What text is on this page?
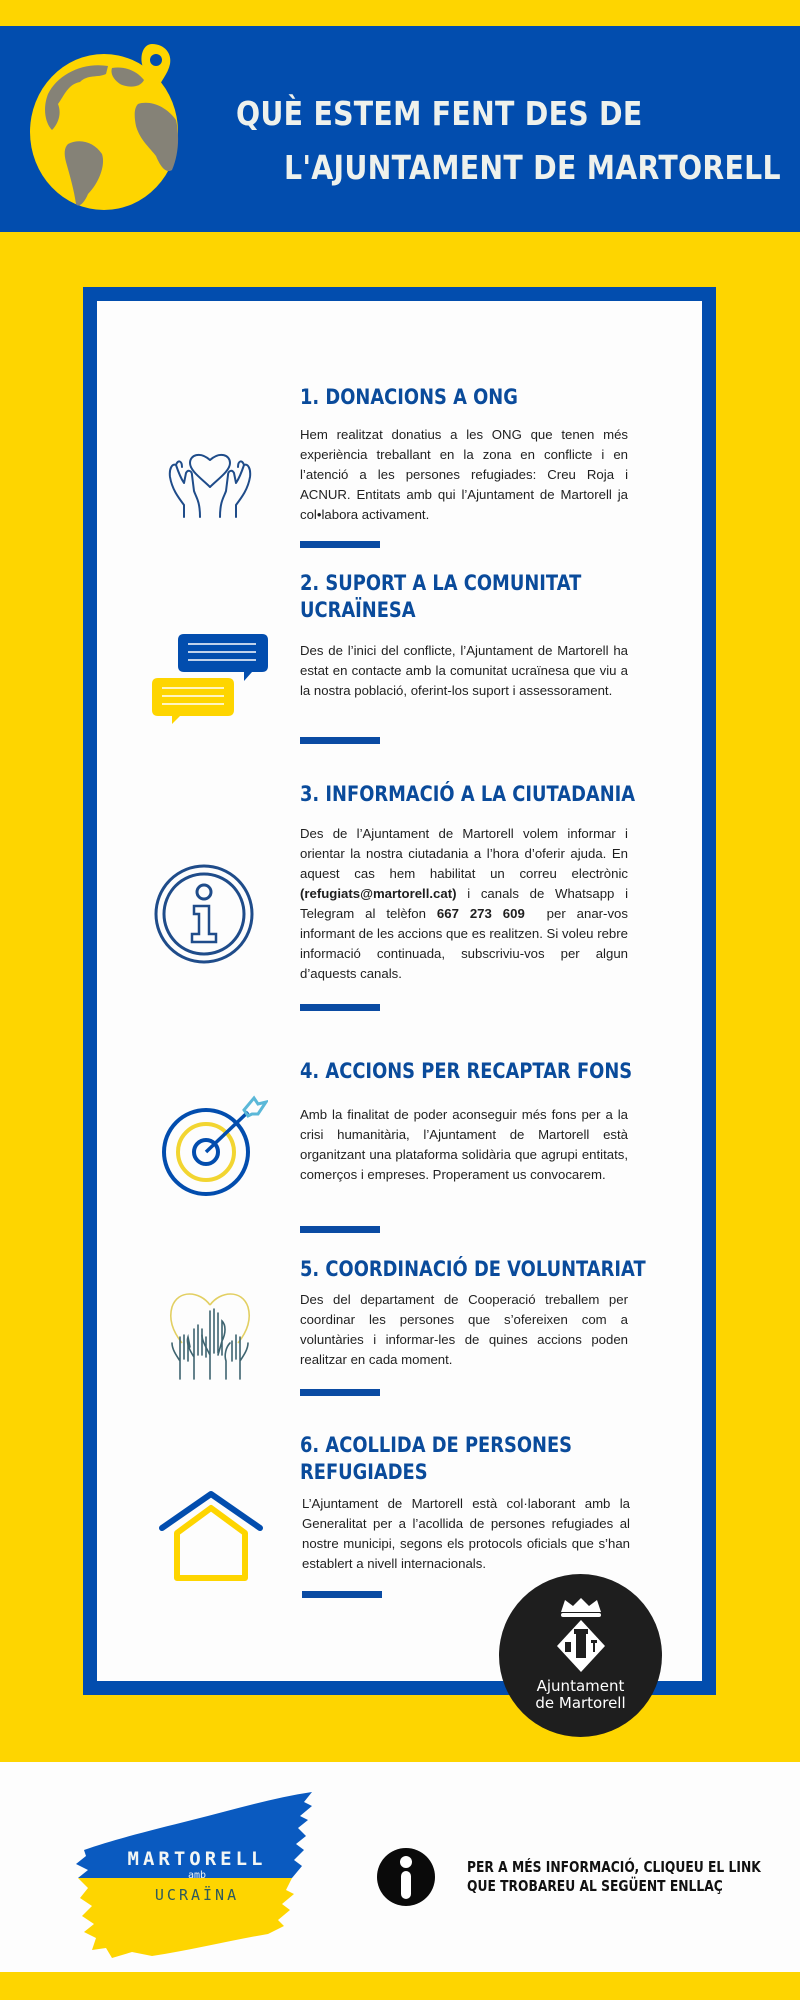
QUÈ ESTEM FENT DES DE
L'AJUNTAMENT DE MARTORELL
1. DONACIONS A ONG
Hem realitzat donatius a les ONG que tenen més experiència treballant en la zona en conflicte i en l’atenció a les persones refugiades: Creu Roja i ACNUR. Entitats amb qui l’Ajuntament de Martorell ja col•labora activament.
2. SUPORT A LA COMUNITAT
UCRAÏNESA
Des de l’inici del conflicte, l’Ajuntament de Martorell ha estat en contacte amb la comunitat ucraïnesa que viu a la nostra població, oferint-los suport i assessorament.
3. INFORMACIÓ A LA CIUTADANIA
Des de l’Ajuntament de Martorell volem informar i orientar la nostra ciutadania a l’hora d’oferir ajuda. En aquest cas hem habilitat un correu electrònic (refugiats@martorell.cat) i canals de Whatsapp i Telegram al telèfon 667 273 609 per anar-vos informant de les accions que es realitzen. Si voleu rebre informació continuada, subscriviu-vos per algun d’aquests canals.
4. ACCIONS PER RECAPTAR FONS
Amb la finalitat de poder aconseguir més fons per a la crisi humanitària, l’Ajuntament de Martorell està organitzant una plataforma solidària que agrupi entitats, comerços i empreses. Properament us convocarem.
5. COORDINACIÓ DE VOLUNTARIAT
Des del departament de Cooperació treballem per coordinar les persones que s’ofereixen com a voluntàries i informar-les de quines accions poden realitzar en cada moment.
6. ACOLLIDA DE PERSONES
REFUGIADES
L’Ajuntament de Martorell està col·laborant amb la Generalitat per a l’acollida de persones refugiades al nostre municipi, segons els protocols oficials que s’han establert a nivell internacionals.
Ajuntament
de Martorell
MARTORELL
amb
UCRAÏNA
PER A MÉS INFORMACIÓ, CLIQUEU EL LINK
QUE TROBAREU AL SEGÜENT ENLLAÇ
